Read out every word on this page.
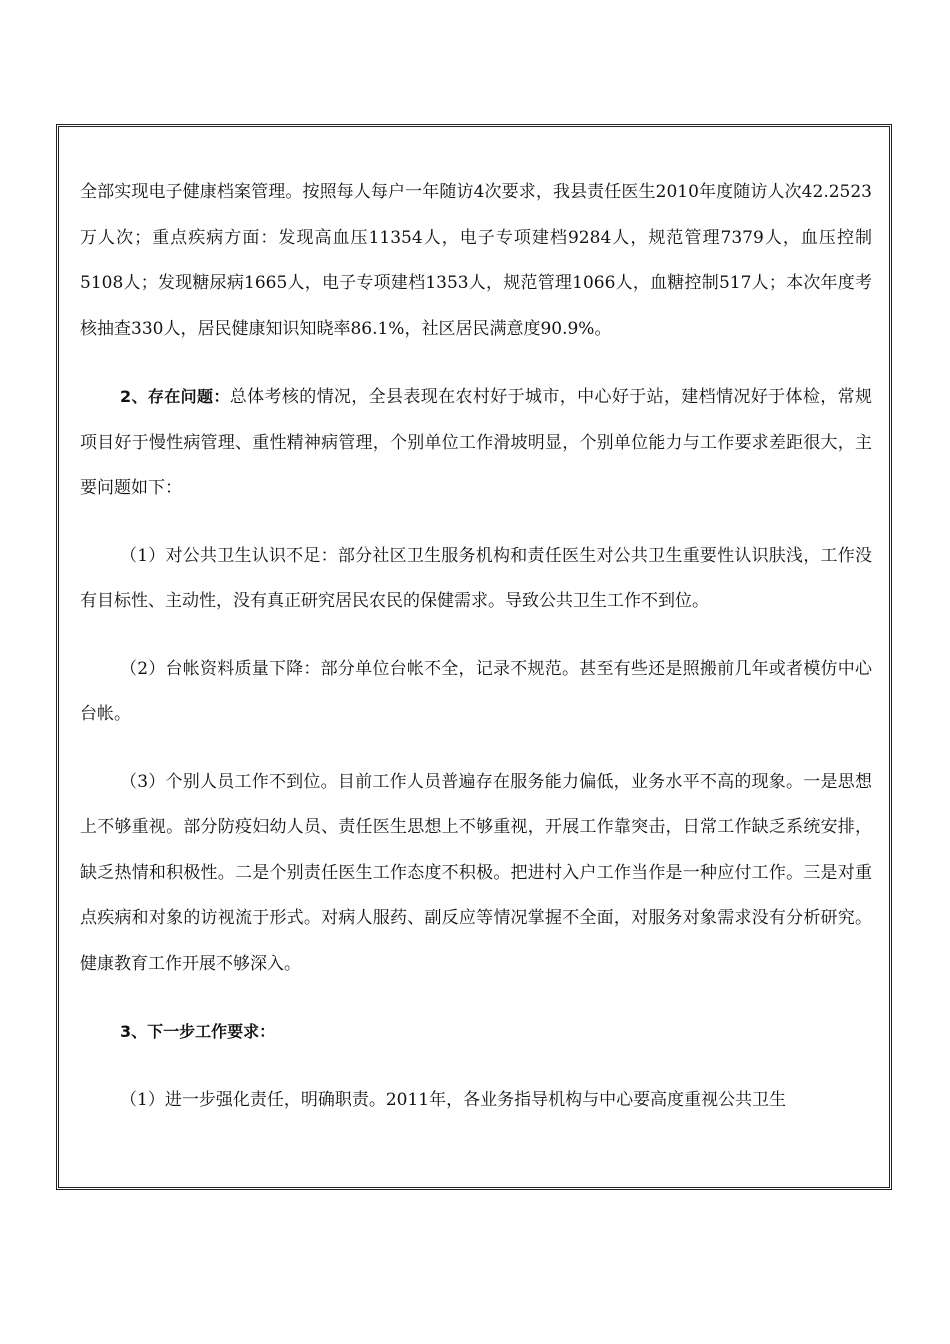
全部实现电子健康档案管理。按照每人每户一年随访4次要求，我县责任医生2010年度随访人次42.2523万人次；重点疾病方面：发现高血压11354人，电子专项建档9284人，规范管理7379人，血压控制5108人；发现糖尿病1665人，电子专项建档1353人，规范管理1066人，血糖控制517人；本次年度考核抽查330人，居民健康知识知晓率86.1%，社区居民满意度90.9%。

2、存在问题：总体考核的情况，全县表现在农村好于城市，中心好于站，建档情况好于体检，常规项目好于慢性病管理、重性精神病管理，个别单位工作滑坡明显，个别单位能力与工作要求差距很大，主要问题如下：

（1）对公共卫生认识不足：部分社区卫生服务机构和责任医生对公共卫生重要性认识肤浅，工作没有目标性、主动性，没有真正研究居民农民的保健需求。导致公共卫生工作不到位。

（2）台帐资料质量下降：部分单位台帐不全，记录不规范。甚至有些还是照搬前几年或者模仿中心台帐。

（3）个别人员工作不到位。目前工作人员普遍存在服务能力偏低，业务水平不高的现象。一是思想上不够重视。部分防疫妇幼人员、责任医生思想上不够重视，开展工作靠突击，日常工作缺乏系统安排，缺乏热情和积极性。二是个别责任医生工作态度不积极。把进村入户工作当作是一种应付工作。三是对重点疾病和对象的访视流于形式。对病人服药、副反应等情况掌握不全面，对服务对象需求没有分析研究。健康教育工作开展不够深入。

3、下一步工作要求：

（1）进一步强化责任，明确职责。2011年，各业务指导机构与中心要高度重视公共卫生
